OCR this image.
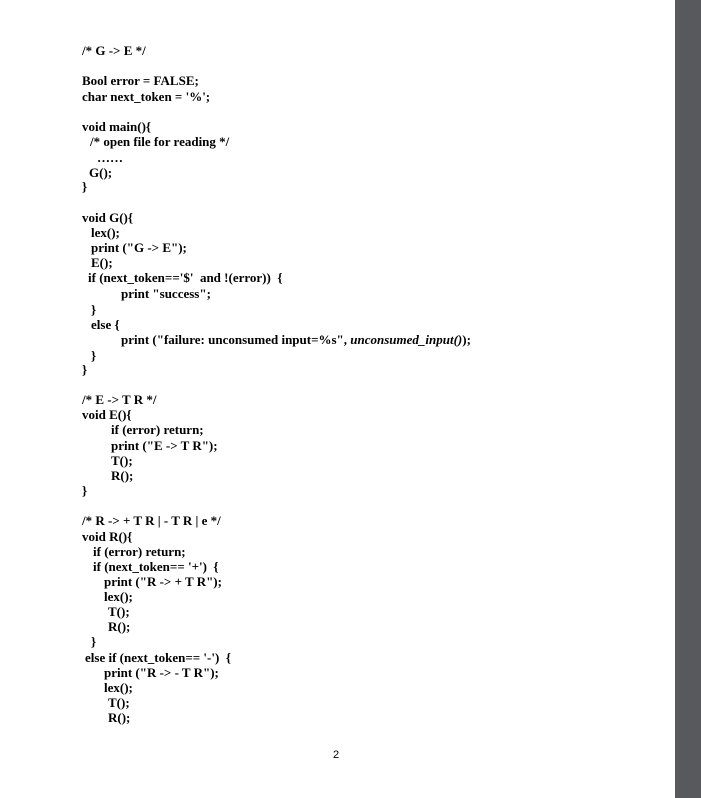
/* G -> E */
Bool error = FALSE;
char next_token = '%';
void main(){
/* open file for reading */
……
G();
}
void G(){
lex();
print ("G -> E");
E();
if (next_token=='$'  and !(error))  {
print "success";
}
else {
print ("failure: unconsumed input=%s", unconsumed_input());
}
}
/* E -> T R */
void E(){
if (error) return;
print ("E -> T R");
T();
R();
}
/* R -> + T R | - T R | e */
void R(){
if (error) return;
if (next_token== '+')  {
print ("R -> + T R");
lex();
T();
R();
}
else if (next_token== '-')  {
print ("R -> - T R");
lex();
T();
R();
2
